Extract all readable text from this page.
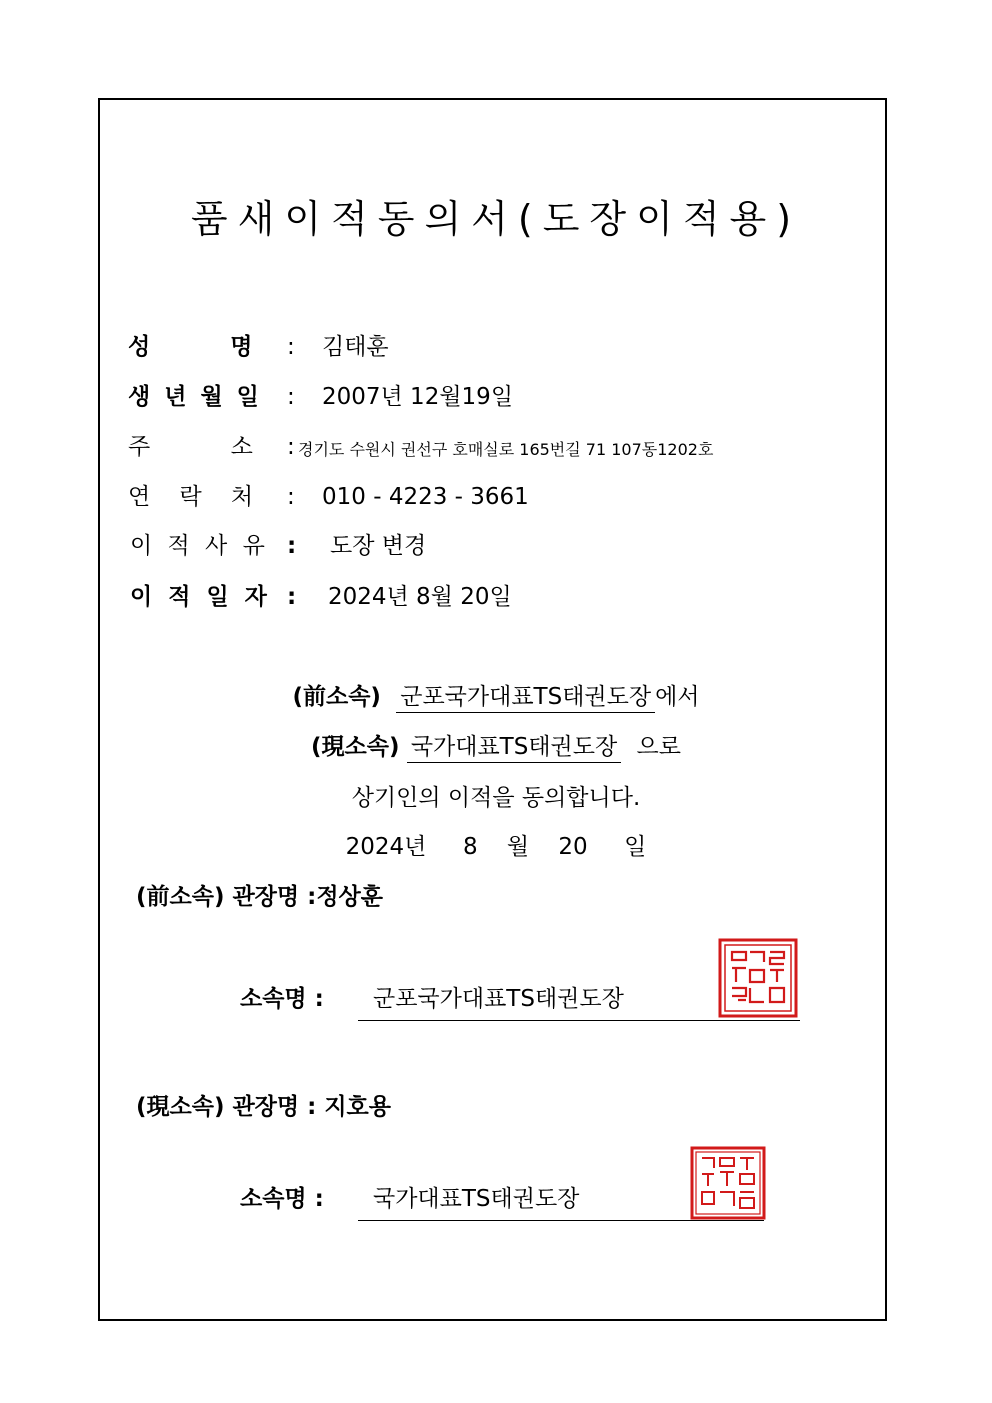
품새이적동의서(도장이적용)
성          명 : 김태훈
생 년 월 일 : 2007년 12월19일
주           소 : 경기도 수원시 권선구 호매실로 165번길 71 107동1202호
연    락    처 : 010 - 4223 - 3661
이 적 사 유 : 도장 변경
이 적 일 자 : 2024년 8월 20일
(前소속) 군포국가대표TS태권도장 에서
(現소속) 국가대표TS태권도장 으로
상기인의 이적을 동의합니다.
2024년 8 월 20 일
(前소속) 관장명 :정상훈
소속명 : 군포국가대표TS태권도장
(現소속) 관장명 : 지호용
소속명 : 국가대표TS태권도장
